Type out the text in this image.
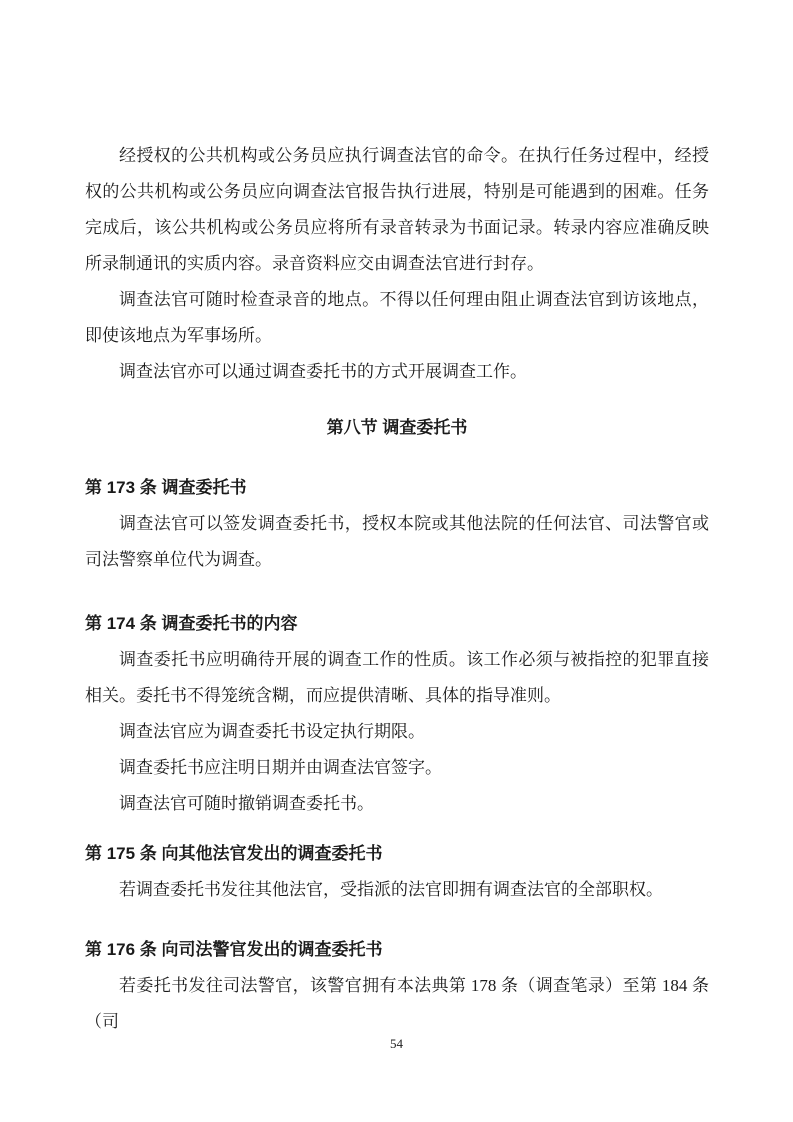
经授权的公共机构或公务员应执行调查法官的命令。在执行任务过程中，经授权的公共机构或公务员应向调查法官报告执行进展，特别是可能遇到的困难。任务完成后，该公共机构或公务员应将所有录音转录为书面记录。转录内容应准确反映所录制通讯的实质内容。录音资料应交由调查法官进行封存。

调查法官可随时检查录音的地点。不得以任何理由阻止调查法官到访该地点，即使该地点为军事场所。

调查法官亦可以通过调查委托书的方式开展调查工作。

第八节 调查委托书
第 173 条 调查委托书

调查法官可以签发调查委托书，授权本院或其他法院的任何法官、司法警官或司法警察单位代为调查。

第 174 条 调查委托书的内容

调查委托书应明确待开展的调查工作的性质。该工作必须与被指控的犯罪直接相关。委托书不得笼统含糊，而应提供清晰、具体的指导准则。

调查法官应为调查委托书设定执行期限。

调查委托书应注明日期并由调查法官签字。

调查法官可随时撤销调查委托书。

第 175 条 向其他法官发出的调查委托书

若调查委托书发往其他法官，受指派的法官即拥有调查法官的全部职权。

第 176 条 向司法警官发出的调查委托书

若委托书发往司法警官，该警官拥有本法典第 178 条（调查笔录）至第 184 条（司

54
